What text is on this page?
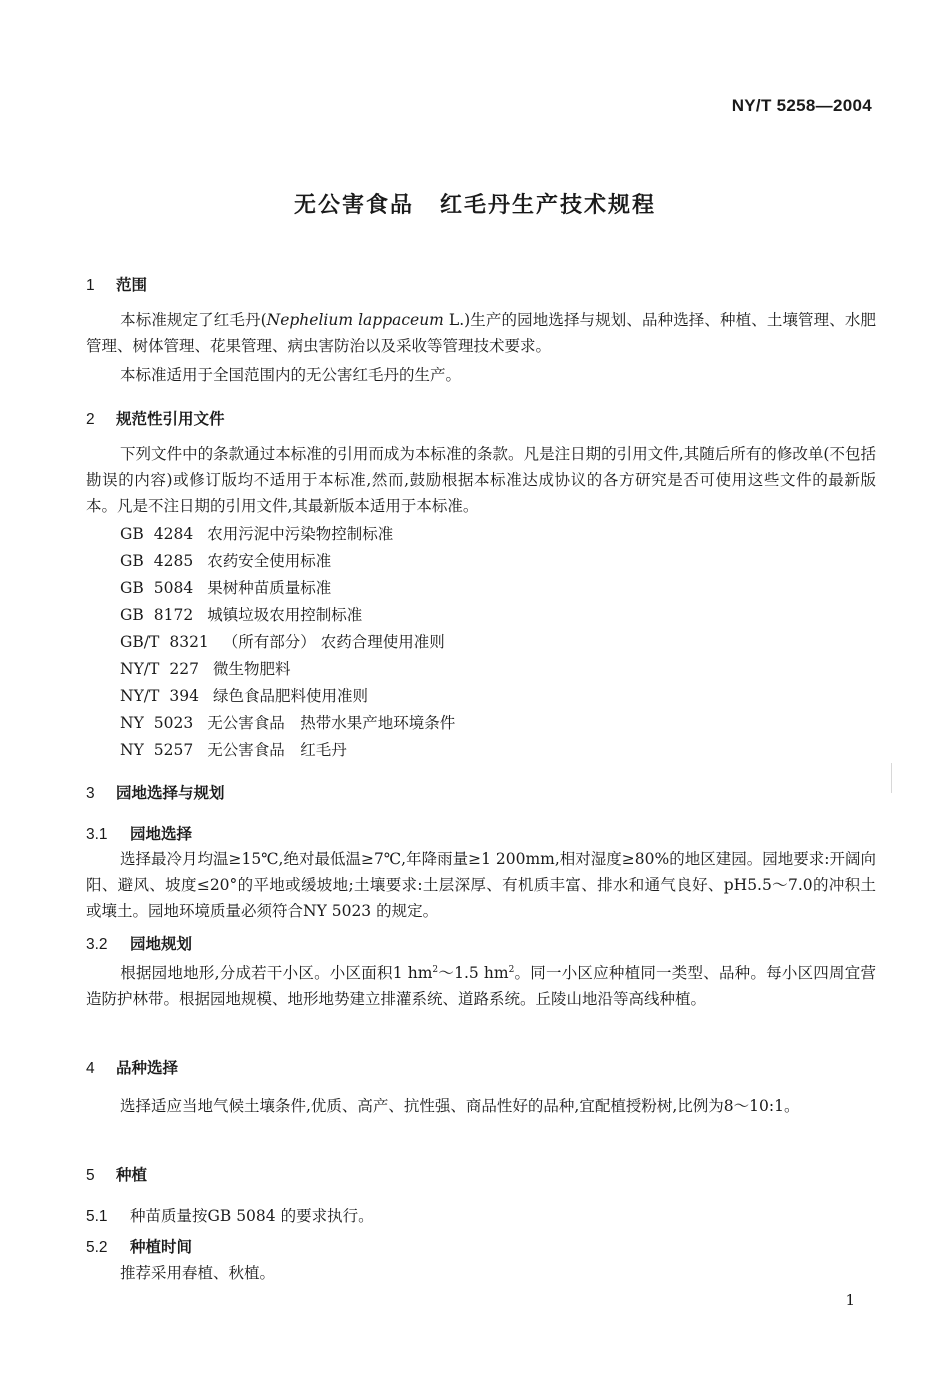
NY/T 5258—2004
无公害食品 红毛丹生产技术规程
1 范围
本标准规定了红毛丹(Nephelium lappaceum L.)生产的园地选择与规划、品种选择、种植、土壤管理、水肥管理、树体管理、花果管理、病虫害防治以及采收等管理技术要求。
本标准适用于全国范围内的无公害红毛丹的生产。
2 规范性引用文件
下列文件中的条款通过本标准的引用而成为本标准的条款。凡是注日期的引用文件,其随后所有的修改单(不包括勘误的内容)或修订版均不适用于本标准,然而,鼓励根据本标准达成协议的各方研究是否可使用这些文件的最新版本。凡是不注日期的引用文件,其最新版本适用于本标准。
GB 4284 农用污泥中污染物控制标准
GB 4285 农药安全使用标准
GB 5084 果树种苗质量标准
GB 8172 城镇垃圾农用控制标准
GB/T 8321 （所有部分） 农药合理使用准则
NY/T 227 微生物肥料
NY/T 394 绿色食品肥料使用准则
NY 5023 无公害食品　热带水果产地环境条件
NY 5257 无公害食品　红毛丹
3 园地选择与规划
3.1 园地选择
选择最冷月均温≥15℃,绝对最低温≥7℃,年降雨量≥1 200mm,相对湿度≥80%的地区建园。园地要求:开阔向阳、避风、坡度≤20°的平地或缓坡地;土壤要求:土层深厚、有机质丰富、排水和通气良好、pH5.5～7.0的冲积土或壤土。园地环境质量必须符合NY 5023 的规定。
3.2 园地规划
根据园地地形,分成若干小区。小区面积1 $hm^2\sim 1.5$ $hm^2$。同一小区应种植同一类型、品种。每小区四周宜营造防护林带。根据园地规模、地形地势建立排灌系统、道路系统。丘陵山地沿等高线种植。
4 品种选择
选择适应当地气候土壤条件,优质、高产、抗性强、商品性好的品种,宜配植授粉树,比例为8～10:1。
5 种植
5.1 种苗质量按GB 5084 的要求执行。
5.2 种植时间
推荐采用春植、秋植。
1
